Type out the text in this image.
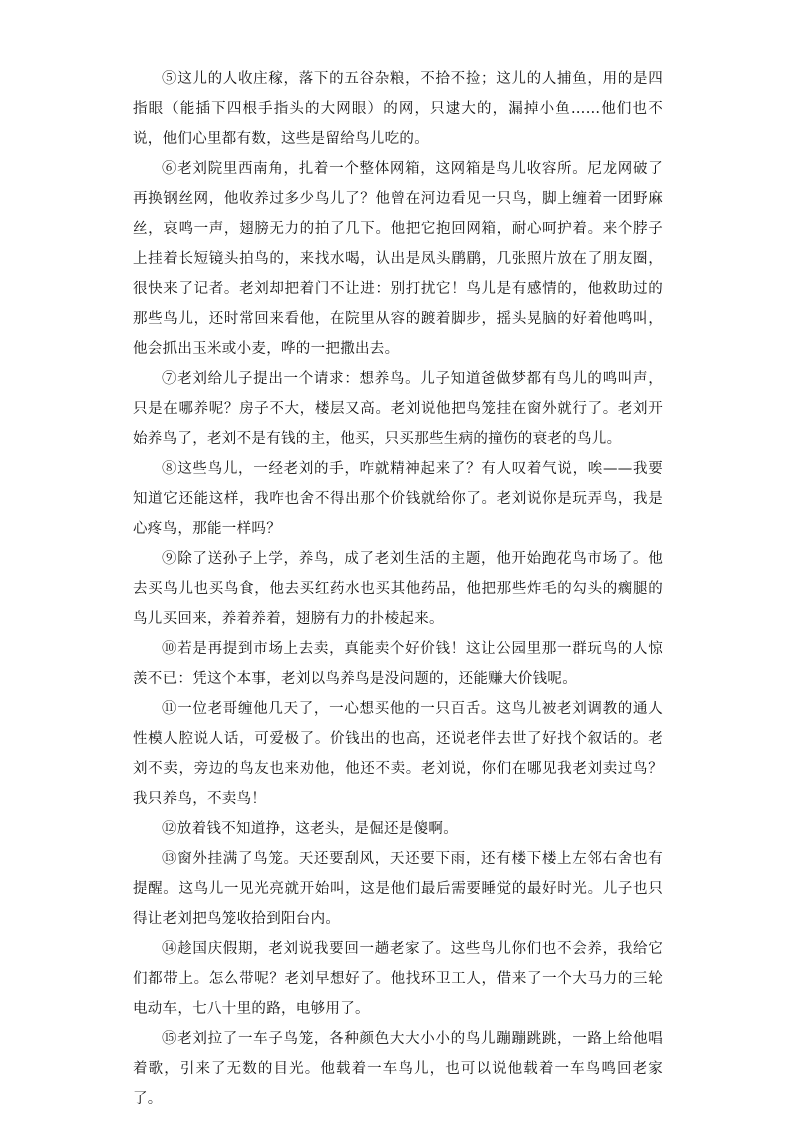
⑤这儿的人收庄稼，落下的五谷杂粮，不拾不捡；这儿的人捕鱼，用的是四指眼（能插下四根手指头的大网眼）的网，只逮大的，漏掉小鱼……他们也不说，他们心里都有数，这些是留给鸟儿吃的。

⑥老刘院里西南角，扎着一个整体网箱，这网箱是鸟儿收容所。尼龙网破了再换钢丝网，他收养过多少鸟儿了？他曾在河边看见一只鸟，脚上缠着一团野麻丝，哀鸣一声，翅膀无力的拍了几下。他把它抱回网箱，耐心呵护着。来个脖子上挂着长短镜头拍鸟的，来找水喝，认出是凤头鹛鹛，几张照片放在了朋友圈，很快来了记者。老刘却把着门不让进：别打扰它！鸟儿是有感情的，他救助过的那些鸟儿，还时常回来看他，在院里从容的踱着脚步，摇头晃脑的好着他鸣叫，他会抓出玉米或小麦，哗的一把撒出去。

⑦老刘给儿子提出一个请求：想养鸟。儿子知道爸做梦都有鸟儿的鸣叫声，只是在哪养呢？房子不大，楼层又高。老刘说他把鸟笼挂在窗外就行了。老刘开始养鸟了，老刘不是有钱的主，他买，只买那些生病的撞伤的衰老的鸟儿。

⑧这些鸟儿，一经老刘的手，咋就精神起来了？有人叹着气说，唉——我要知道它还能这样，我咋也舍不得出那个价钱就给你了。老刘说你是玩弄鸟，我是心疼鸟，那能一样吗？

⑨除了送孙子上学，养鸟，成了老刘生活的主题，他开始跑花鸟市场了。他去买鸟儿也买鸟食，他去买红药水也买其他药品，他把那些炸毛的勾头的瘸腿的鸟儿买回来，养着养着，翅膀有力的扑棱起来。

⑩若是再提到市场上去卖，真能卖个好价钱！这让公园里那一群玩鸟的人惊羡不已：凭这个本事，老刘以鸟养鸟是没问题的，还能赚大价钱呢。

⑪一位老哥缠他几天了，一心想买他的一只百舌。这鸟儿被老刘调教的通人性模人腔说人话，可爱极了。价钱出的也高，还说老伴去世了好找个叙话的。老刘不卖，旁边的鸟友也来劝他，他还不卖。老刘说，你们在哪见我老刘卖过鸟？我只养鸟，不卖鸟！

⑫放着钱不知道挣，这老头，是倔还是傻啊。

⑬窗外挂满了鸟笼。天还要刮风，天还要下雨，还有楼下楼上左邻右舍也有提醒。这鸟儿一见光亮就开始叫，这是他们最后需要睡觉的最好时光。儿子也只得让老刘把鸟笼收拾到阳台内。

⑭趁国庆假期，老刘说我要回一趟老家了。这些鸟儿你们也不会养，我给它们都带上。怎么带呢？老刘早想好了。他找环卫工人，借来了一个大马力的三轮电动车，七八十里的路，电够用了。

⑮老刘拉了一车子鸟笼，各种颜色大大小小的鸟儿蹦蹦跳跳，一路上给他唱着歌，引来了无数的目光。他载着一车鸟儿，也可以说他载着一车鸟鸣回老家了。
